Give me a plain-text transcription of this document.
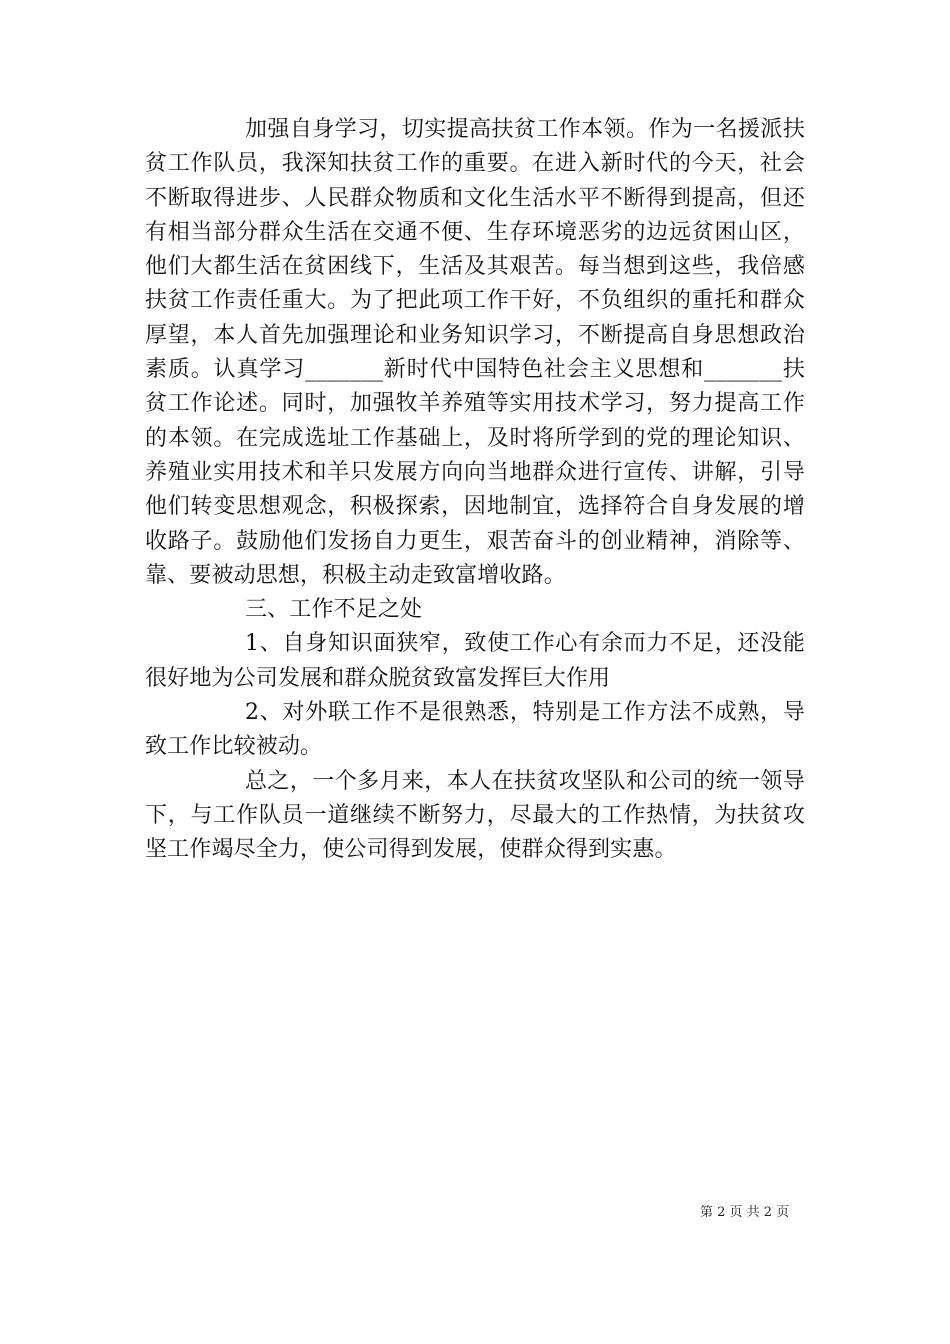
加强自身学习，切实提高扶贫工作本领。作为一名援派扶贫工作队员，我深知扶贫工作的重要。在进入新时代的今天，社会不断取得进步、人民群众物质和文化生活水平不断得到提高，但还有相当部分群众生活在交通不便、生存环境恶劣的边远贫困山区，他们大都生活在贫困线下，生活及其艰苦。每当想到这些，我倍感扶贫工作责任重大。为了把此项工作干好，不负组织的重托和群众厚望，本人首先加强理论和业务知识学习，不断提高自身思想政治素质。认真学习_______新时代中国特色社会主义思想和_______扶贫工作论述。同时，加强牧羊养殖等实用技术学习，努力提高工作的本领。在完成选址工作基础上，及时将所学到的党的理论知识、养殖业实用技术和羊只发展方向向当地群众进行宣传、讲解，引导他们转变思想观念，积极探索，因地制宜，选择符合自身发展的增收路子。鼓励他们发扬自力更生，艰苦奋斗的创业精神，消除等、靠、要被动思想，积极主动走致富增收路。

三、工作不足之处

1、自身知识面狭窄，致使工作心有余而力不足，还没能很好地为公司发展和群众脱贫致富发挥巨大作用

2、对外联工作不是很熟悉，特别是工作方法不成熟，导致工作比较被动。

总之，一个多月来，本人在扶贫攻坚队和公司的统一领导下，与工作队员一道继续不断努力，尽最大的工作热情，为扶贫攻坚工作竭尽全力，使公司得到发展，使群众得到实惠。

第 2 页 共 2 页
